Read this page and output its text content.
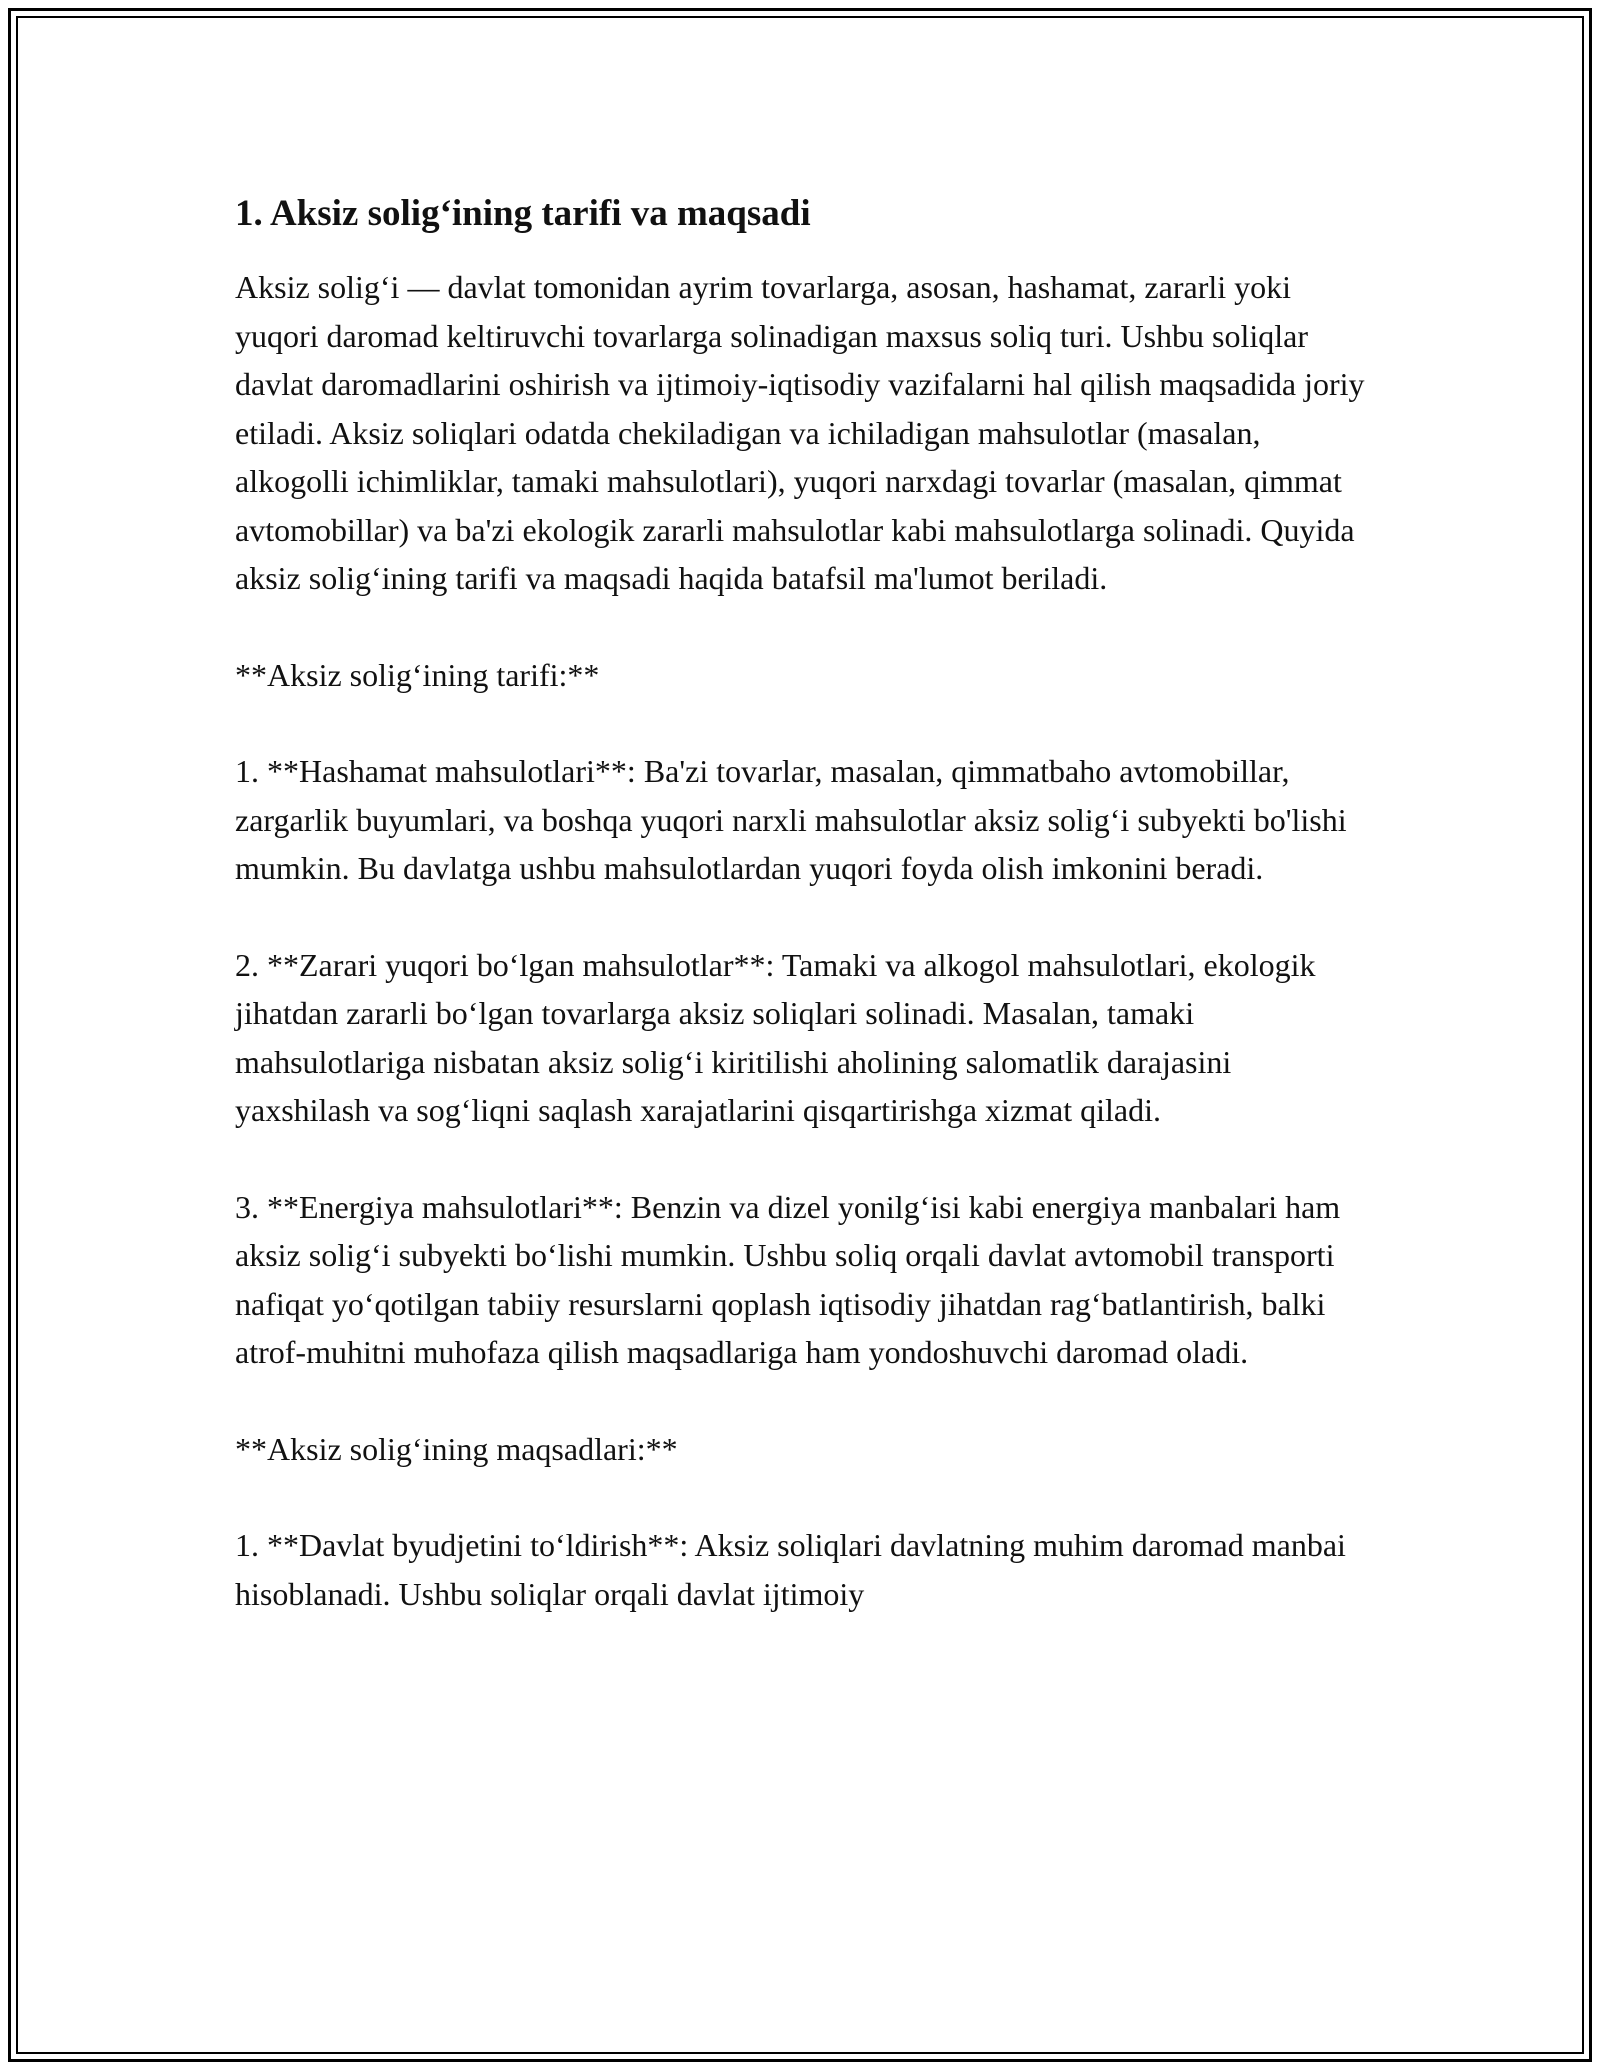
1. Aksiz solig‘ining tarifi va maqsadi

Aksiz solig‘i — davlat tomonidan ayrim tovarlarga, asosan, hashamat, zararli yoki yuqori daromad keltiruvchi tovarlarga solinadigan maxsus soliq turi. Ushbu soliqlar davlat daromadlarini oshirish va ijtimoiy-iqtisodiy vazifalarni hal qilish maqsadida joriy etiladi. Aksiz soliqlari odatda chekiladigan va ichiladigan mahsulotlar (masalan, alkogolli ichimliklar, tamaki mahsulotlari), yuqori narxdagi tovarlar (masalan, qimmat avtomobillar) va ba'zi ekologik zararli mahsulotlar kabi mahsulotlarga solinadi. Quyida aksiz solig‘ining tarifi va maqsadi haqida batafsil ma'lumot beriladi.

**Aksiz solig‘ining tarifi:**

1. **Hashamat mahsulotlari**: Ba'zi tovarlar, masalan, qimmatbaho avtomobillar, zargarlik buyumlari, va boshqa yuqori narxli mahsulotlar aksiz solig‘i subyekti bo'lishi mumkin. Bu davlatga ushbu mahsulotlardan yuqori foyda olish imkonini beradi.

2. **Zarari yuqori bo‘lgan mahsulotlar**: Tamaki va alkogol mahsulotlari, ekologik jihatdan zararli bo‘lgan tovarlarga aksiz soliqlari solinadi. Masalan, tamaki mahsulotlariga nisbatan aksiz solig‘i kiritilishi aholining salomatlik darajasini yaxshilash va sog‘liqni saqlash xarajatlarini qisqartirishga xizmat qiladi.

3. **Energiya mahsulotlari**: Benzin va dizel yonilg‘isi kabi energiya manbalari ham aksiz solig‘i subyekti bo‘lishi mumkin. Ushbu soliq orqali davlat avtomobil transporti nafiqat yo‘qotilgan tabiiy resurslarni qoplash iqtisodiy jihatdan rag‘batlantirish, balki atrof-muhitni muhofaza qilish maqsadlariga ham yondoshuvchi daromad oladi.

**Aksiz solig‘ining maqsadlari:**

1. **Davlat byudjetini to‘ldirish**: Aksiz soliqlari davlatning muhim daromad manbai hisoblanadi. Ushbu soliqlar orqali davlat ijtimoiy
